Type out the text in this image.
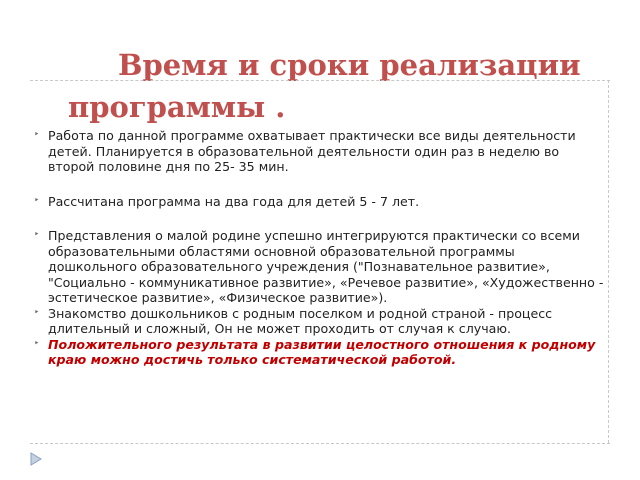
Время и сроки реализации
программы .
‣ Работа по данной программе охватывает практически все виды деятельности детей. Планируется в образовательной деятельности один раз в неделю во второй половине дня по 25- 35 мин.
‣ Рассчитана программа на два года для детей 5 - 7 лет.
‣ Представления о малой родине успешно интегрируются практически со всеми образовательными областями основной образовательной программы дошкольного образовательного учреждения ("Познавательное развитие», "Социально - коммуникативное развитие», «Речевое развитие», «Художественно - эстетическое развитие», «Физическое развитие»).
‣ Знакомство дошкольников с родным поселком и родной страной - процесс длительный и сложный, Он не может проходить от случая к случаю.
‣ Положительного результата в развитии целостного отношения к родному краю можно достичь только систематической работой.
